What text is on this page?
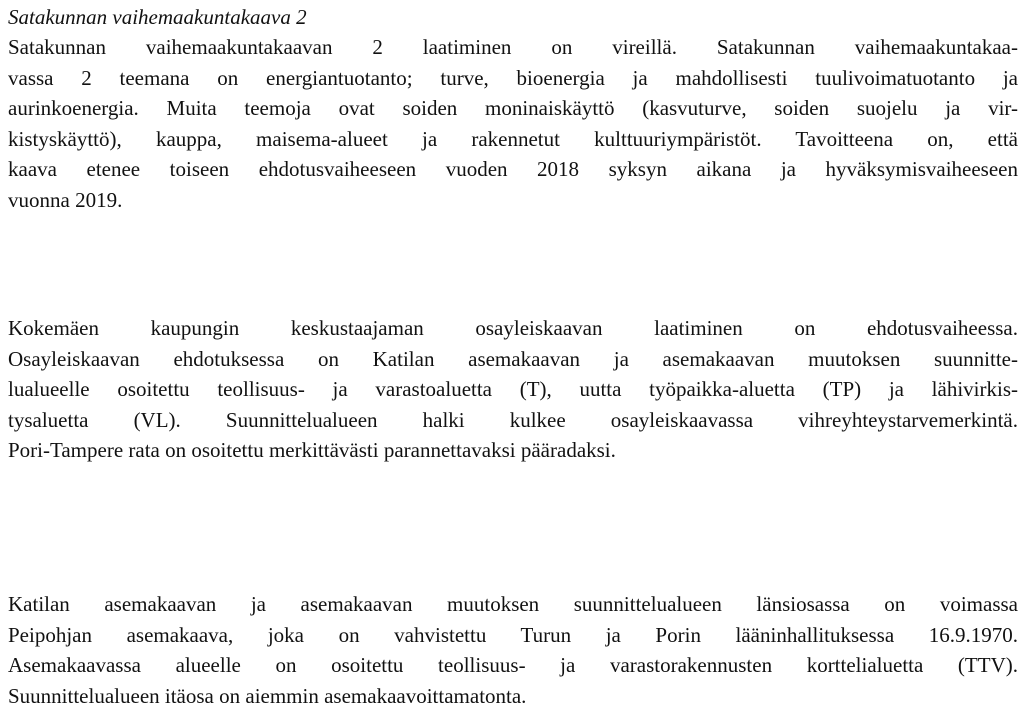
Satakunnan vaihemaakuntakaava 2
Satakunnan vaihemaakuntakaavan 2 laatiminen on vireillä. Satakunnan vaihemaakuntakaa-
vassa 2 teemana on energiantuotanto; turve, bioenergia ja mahdollisesti tuulivoimatuotanto ja
aurinkoenergia. Muita teemoja ovat soiden moninaiskäyttö (kasvuturve, soiden suojelu ja vir-
kistyskäyttö), kauppa, maisema-alueet ja rakennetut kulttuuriympäristöt. Tavoitteena on, että
kaava etenee toiseen ehdotusvaiheeseen vuoden 2018 syksyn aikana ja hyväksymisvaiheeseen
vuonna 2019.
Kokemäen kaupungin keskustaajaman osayleiskaavan laatiminen on ehdotusvaiheessa.
Osayleiskaavan ehdotuksessa on Katilan asemakaavan ja asemakaavan muutoksen suunnitte-
lualueelle osoitettu teollisuus- ja varastoaluetta (T), uutta työpaikka-aluetta (TP) ja lähivirkis-
tysaluetta (VL). Suunnittelualueen halki kulkee osayleiskaavassa vihreyhteystarvemerkintä.
Pori-Tampere rata on osoitettu merkittävästi parannettavaksi pääradaksi.
Katilan asemakaavan ja asemakaavan muutoksen suunnittelualueen länsiosassa on voimassa
Peipohjan asemakaava, joka on vahvistettu Turun ja Porin lääninhallituksessa 16.9.1970.
Asemakaavassa alueelle on osoitettu teollisuus- ja varastorakennusten korttelialuetta (TTV).
Suunnittelualueen itäosa on aiemmin asemakaavoittamatonta.
